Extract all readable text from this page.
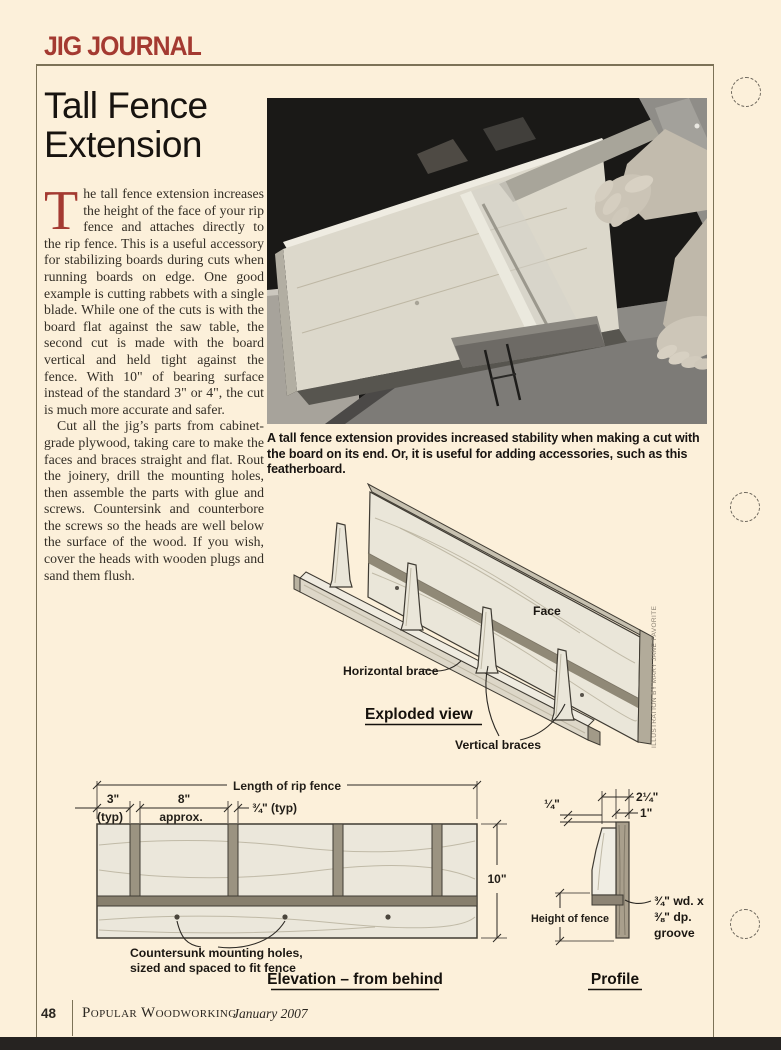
JIG JOURNAL
Tall Fence
Extension

The tall fence extension increases the height of the face of your rip fence and attaches directly to the rip fence. This is a useful accessory for stabilizing boards during cuts when running boards on edge. One good example is cutting rabbets with a single blade. While one of the cuts is with the board flat against the saw table, the second cut is made with the board vertical and held tight against the fence. With 10" of bearing surface instead of the standard 3" or 4", the cut is much more accurate and safer.

Cut all the jig’s parts from cabinet-grade plywood, taking care to make the faces and braces straight and flat. Rout the joinery, drill the mounting holes, then assemble the parts with glue and screws. Countersink and counterbore the screws so the heads are well below the surface of the wood. If you wish, cover the heads with wooden plugs and sand them flush.

A tall fence extension provides increased stability when making a cut with the board on its end. Or, it is useful for adding accessories, such as this featherboard.

Face
Horizontal brace
Exploded view
Vertical braces	ILLUSTRATION BY MARY JANE FAVORITE
Length of rip fence
3"
(typ)
8"
approx.
¾" (typ)
10"
Countersunk mounting holes,
sized and spaced to fit fence
Elevation – from behind
2¼"
1"
¼"
Height of fence
¾" wd. x
⅜" dp.
groove
Profile
48 Popular Woodworking
January 2007
